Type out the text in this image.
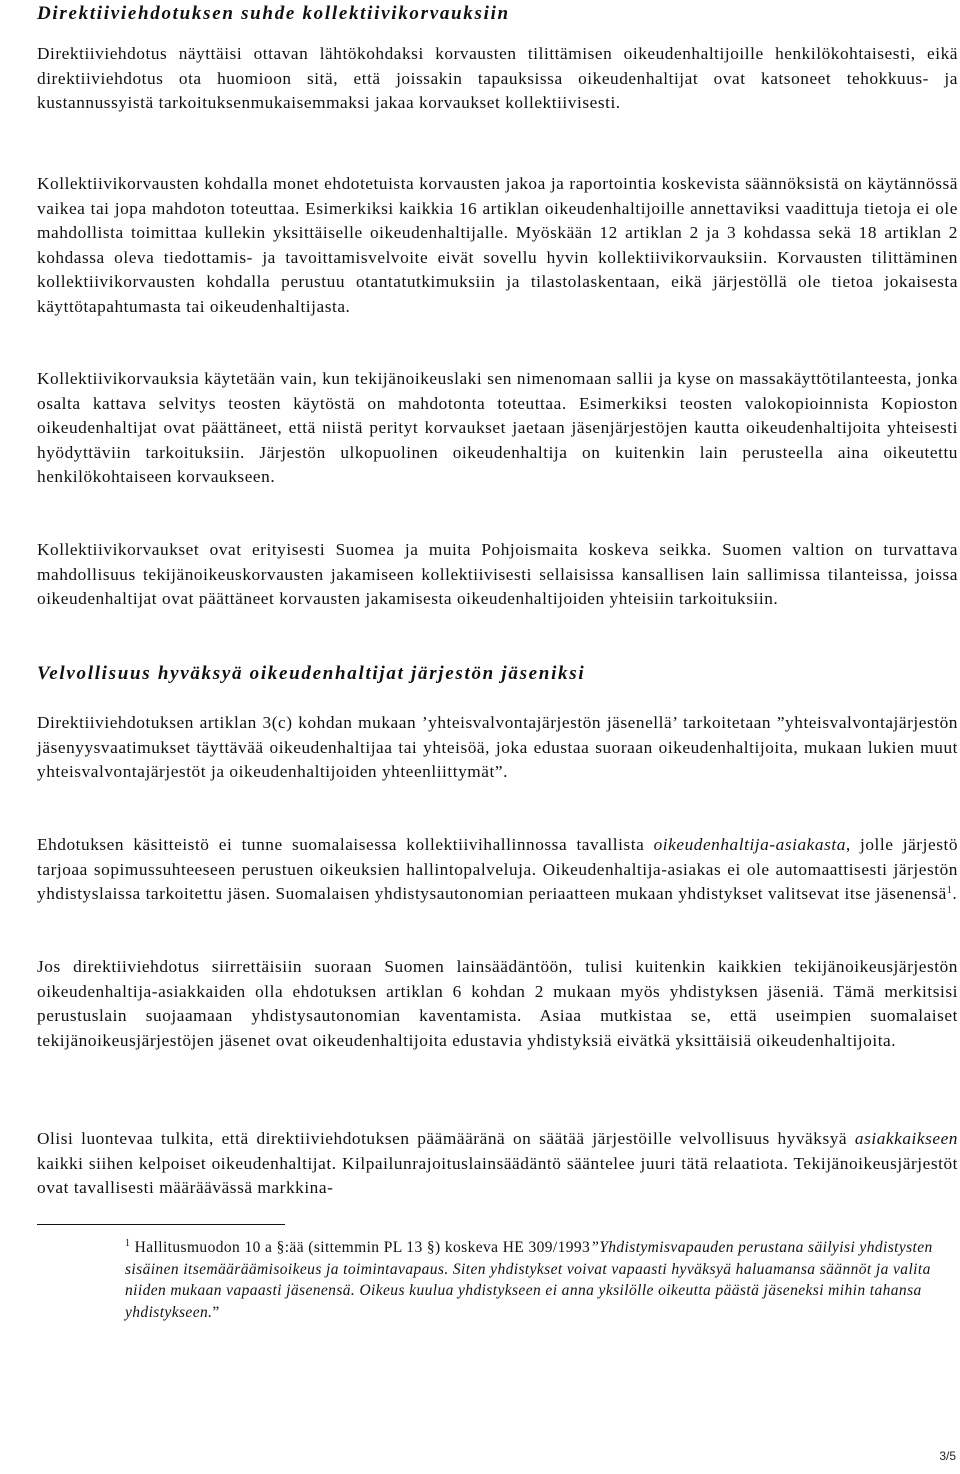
Direktiiviehdotuksen suhde kollektiivikorvauksiin

Direktiiviehdotus näyttäisi ottavan lähtökohdaksi korvausten tilittämisen oikeudenhaltijoille henkilökohtaisesti, eikä direktiiviehdotus ota huomioon sitä, että joissakin tapauksissa oikeudenhaltijat ovat katsoneet tehokkuus- ja kustannussyistä tarkoituksenmukaisemmaksi jakaa korvaukset kollektiivisesti.

Kollektiivikorvausten kohdalla monet ehdotetuista korvausten jakoa ja raportointia koskevista säännöksistä on käytännössä vaikea tai jopa mahdoton toteuttaa. Esimerkiksi kaikkia 16 artiklan oikeudenhaltijoille annettaviksi vaadittuja tietoja ei ole mahdollista toimittaa kullekin yksittäiselle oikeudenhaltijalle. Myöskään 12 artiklan 2 ja 3 kohdassa sekä 18 artiklan 2 kohdassa oleva tiedottamis- ja tavoittamisvelvoite eivät sovellu hyvin kollektiivikorvauksiin. Korvausten tilittäminen kollektiivikorvausten kohdalla perustuu otantatutkimuksiin ja tilastolaskentaan, eikä järjestöllä ole tietoa jokaisesta käyttötapahtumasta tai oikeudenhaltijasta.

Kollektiivikorvauksia käytetään vain, kun tekijänoikeuslaki sen nimenomaan sallii ja kyse on massakäyttötilanteesta, jonka osalta kattava selvitys teosten käytöstä on mahdotonta toteuttaa. Esimerkiksi teosten valokopioinnista Kopioston oikeudenhaltijat ovat päättäneet, että niistä perityt korvaukset jaetaan jäsenjärjestöjen kautta oikeudenhaltijoita yhteisesti hyödyttäviin tarkoituksiin. Järjestön ulkopuolinen oikeudenhaltija on kuitenkin lain perusteella aina oikeutettu henkilökohtaiseen korvaukseen.

Kollektiivikorvaukset ovat erityisesti Suomea ja muita Pohjoismaita koskeva seikka. Suomen valtion on turvattava mahdollisuus tekijänoikeuskorvausten jakamiseen kollektiivisesti sellaisissa kansallisen lain sallimissa tilanteissa, joissa oikeudenhaltijat ovat päättäneet korvausten jakamisesta oikeudenhaltijoiden yhteisiin tarkoituksiin.

Velvollisuus hyväksyä oikeudenhaltijat järjestön jäseniksi

Direktiiviehdotuksen artiklan 3(c) kohdan mukaan ’yhteisvalvontajärjestön jäsenellä’ tarkoitetaan ”yhteisvalvontajärjestön jäsenyysvaatimukset täyttävää oikeudenhaltijaa tai yhteisöä, joka edustaa suoraan oikeudenhaltijoita, mukaan lukien muut yhteisvalvontajärjestöt ja oikeudenhaltijoiden yhteenliittymät”.

Ehdotuksen käsitteistö ei tunne suomalaisessa kollektiivihallinnossa tavallista oikeudenhaltija-asiakasta, jolle järjestö tarjoaa sopimussuhteeseen perustuen oikeuksien hallintopalveluja. Oikeudenhaltija-asiakas ei ole automaattisesti järjestön yhdistyslaissa tarkoitettu jäsen. Suomalaisen yhdistysautonomian periaatteen mukaan yhdistykset valitsevat itse jäsenensä$^1$.

Jos direktiiviehdotus siirrettäisiin suoraan Suomen lainsäädäntöön, tulisi kuitenkin kaikkien tekijänoikeusjärjestön oikeudenhaltija-asiakkaiden olla ehdotuksen artiklan 6 kohdan 2 mukaan myös yhdistyksen jäseniä. Tämä merkitsisi perustuslain suojaamaan yhdistysautonomian kaventamista. Asiaa mutkistaa se, että useimpien suomalaiset tekijänoikeusjärjestöjen jäsenet ovat oikeudenhaltijoita edustavia yhdistyksiä eivätkä yksittäisiä oikeudenhaltijoita.

Olisi luontevaa tulkita, että direktiiviehdotuksen päämääränä on säätää järjestöille velvollisuus hyväksyä asiakkaikseen kaikki siihen kelpoiset oikeudenhaltijat. Kilpailunrajoituslainsäädäntö sääntelee juuri tätä relaatiota. Tekijänoikeusjärjestöt ovat tavallisesti määräävässä markkina-

$^1$ Hallitusmuodon 10 a §:ää (sittemmin PL 13 §) koskeva HE 309/1993”Yhdistymisvapauden perustana säilyisi yhdistysten sisäinen itsemääräämisoikeus ja toimintavapaus. Siten yhdistykset voivat vapaasti hyväksyä haluamansa säännöt ja valita niiden mukaan vapaasti jäsenensä. Oikeus kuulua yhdistykseen ei anna yksilölle oikeutta päästä jäseneksi mihin tahansa yhdistykseen.”

3/5
